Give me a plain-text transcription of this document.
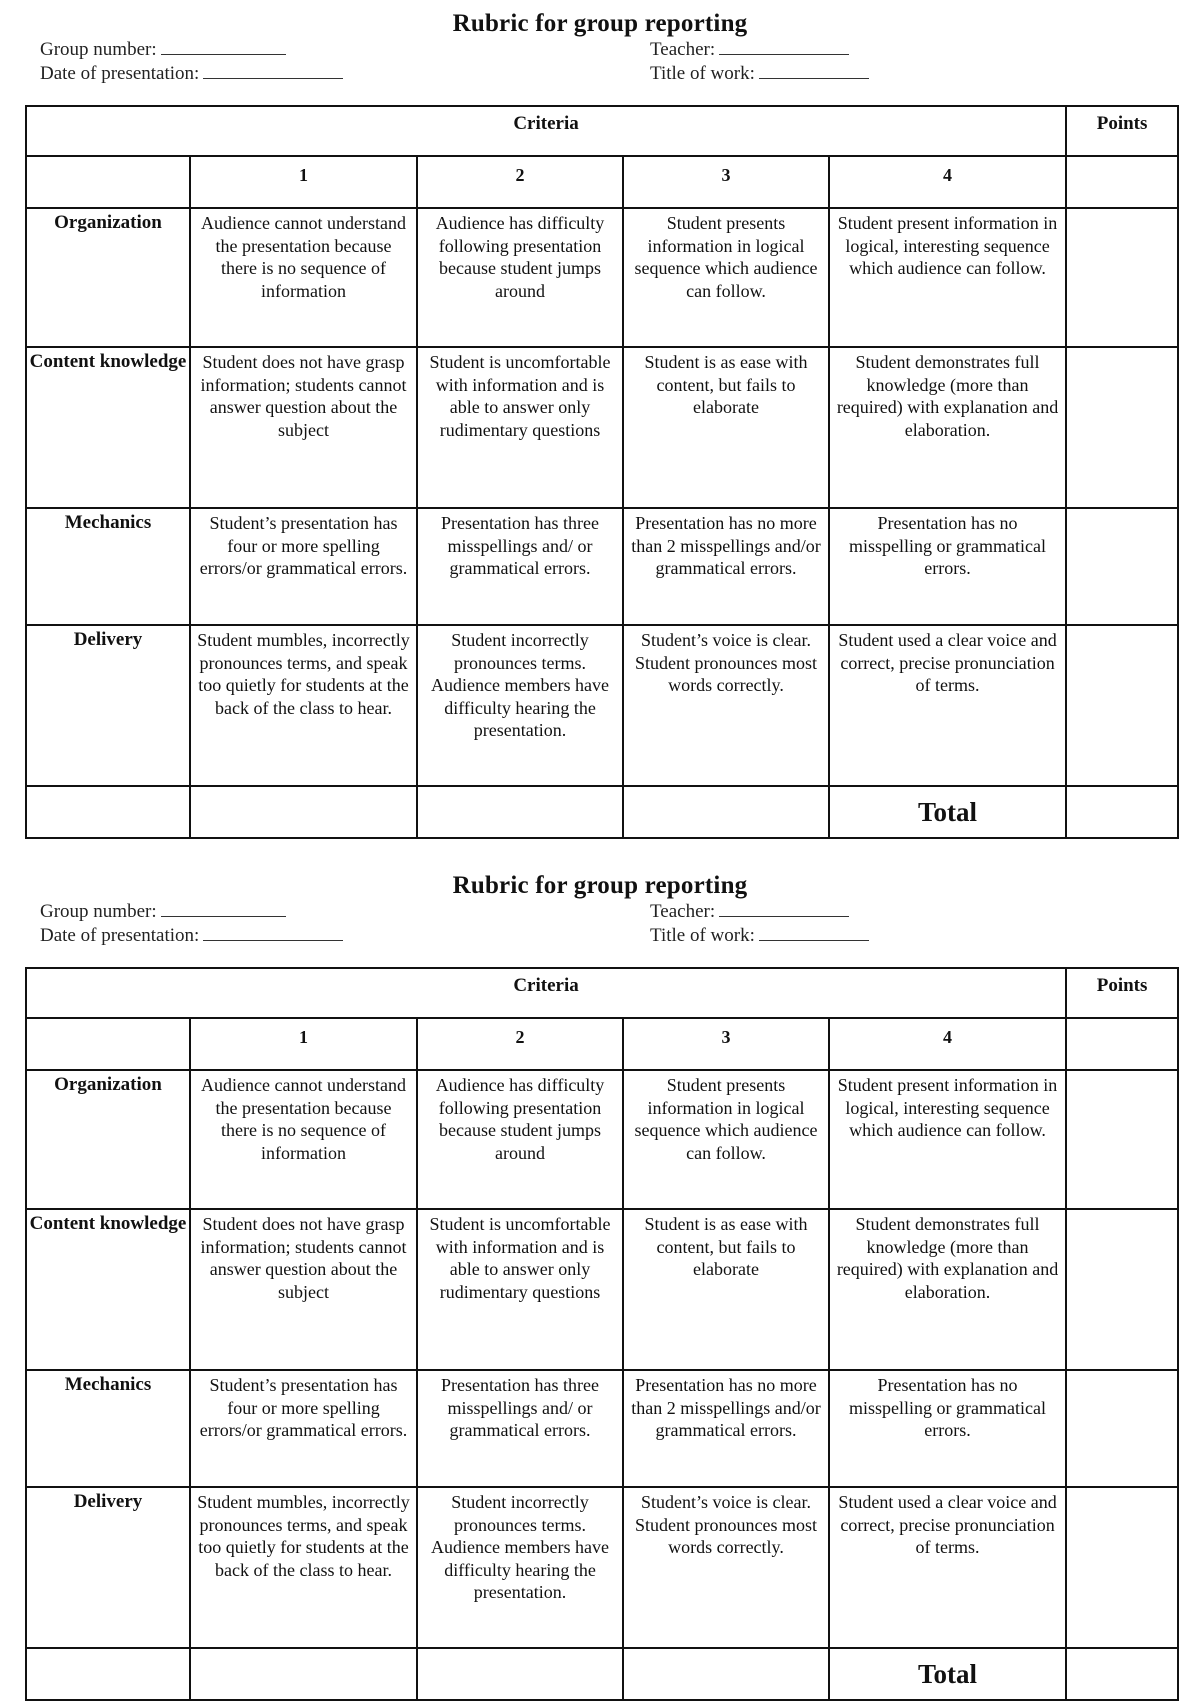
Rubric for group reporting
Group number:
Date of presentation:
Teacher:
Title of work:
Criteria					Points
	1	2	3	4	
Organization	Audience cannot understand the presentation because there is no sequence of information	Audience has difficulty following presentation because student jumps around	Student presents information in logical sequence which audience can follow.	Student present information in logical, interesting sequence which audience can follow.	
Content knowledge	Student does not have grasp information; students cannot answer question about the subject	Student is uncomfortable with information and is able to answer only rudimentary questions	Student is as ease with content, but fails to elaborate	Student demonstrates full knowledge (more than required) with explanation and elaboration.	
Mechanics	Student’s presentation has four or more spelling errors/or grammatical errors.	Presentation has three misspellings and/ or grammatical errors.	Presentation has no more than 2 misspellings and/or grammatical errors.	Presentation has no misspelling or grammatical errors.	
Delivery	Student mumbles, incorrectly pronounces terms, and speak too quietly for students at the back of the class to hear.	Student incorrectly pronounces terms. Audience members have difficulty hearing the presentation.	Student’s voice is clear. Student pronounces most words correctly.	Student used a clear voice and correct, precise pronunciation of terms.	
				Total	
Rubric for group reporting
Group number:
Date of presentation:
Teacher:
Title of work:
Criteria					Points
	1	2	3	4	
Organization	Audience cannot understand the presentation because there is no sequence of information	Audience has difficulty following presentation because student jumps around	Student presents information in logical sequence which audience can follow.	Student present information in logical, interesting sequence which audience can follow.	
Content knowledge	Student does not have grasp information; students cannot answer question about the subject	Student is uncomfortable with information and is able to answer only rudimentary questions	Student is as ease with content, but fails to elaborate	Student demonstrates full knowledge (more than required) with explanation and elaboration.	
Mechanics	Student’s presentation has four or more spelling errors/or grammatical errors.	Presentation has three misspellings and/ or grammatical errors.	Presentation has no more than 2 misspellings and/or grammatical errors.	Presentation has no misspelling or grammatical errors.	
Delivery	Student mumbles, incorrectly pronounces terms, and speak too quietly for students at the back of the class to hear.	Student incorrectly pronounces terms. Audience members have difficulty hearing the presentation.	Student’s voice is clear. Student pronounces most words correctly.	Student used a clear voice and correct, precise pronunciation of terms.	
				Total	
